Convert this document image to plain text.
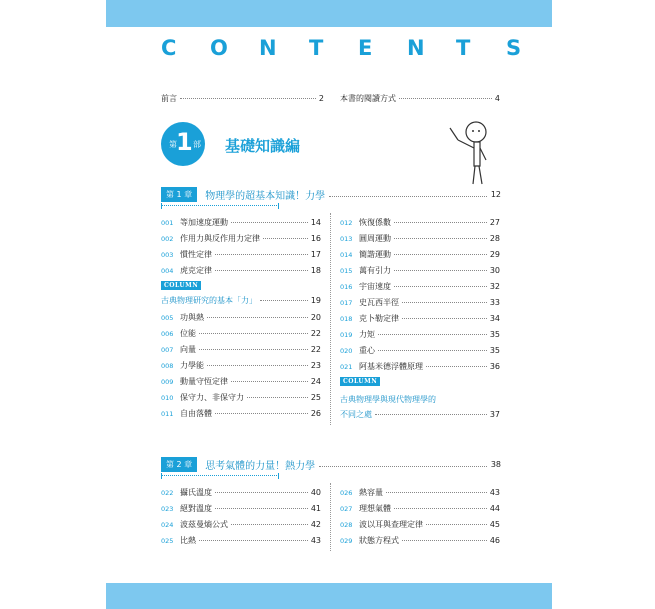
C O N T E N T S
前言	2 本書的閱讀方式	4
第 1 部 基礎知識編
第 1 章	物理學的超基本知識！力學	12
001 等加速度運動	14
002 作用力與反作用力定律	16
003 慣性定律	17
004 虎克定律	18
COLUMN
古典物理研究的基本「力」	19
005 功與熱	20
006 位能	22
007 向量	22
008 力學能	23
009 動量守恆定律	24
010 保守力、非保守力	25
011 自由落體	26
012 恢復係數	27
013 圓周運動	28
014 簡諧運動	29
015 萬有引力	30
016 宇宙速度	32
017 史瓦西半徑	33
018 克卜勒定律	34
019 力矩	35
020 重心	35
021 阿基米德浮體原理	36
COLUMN
古典物理學與現代物理學的
不同之處	37
第 2 章	思考氣體的力量！熱力學	38
022 攝氏溫度	40
023 絕對溫度	41
024 波茲曼熵公式	42
025 比熱	43
026 熱容量	43
027 理想氣體	44
028 波以耳與查理定律	45
029 狀態方程式	46
